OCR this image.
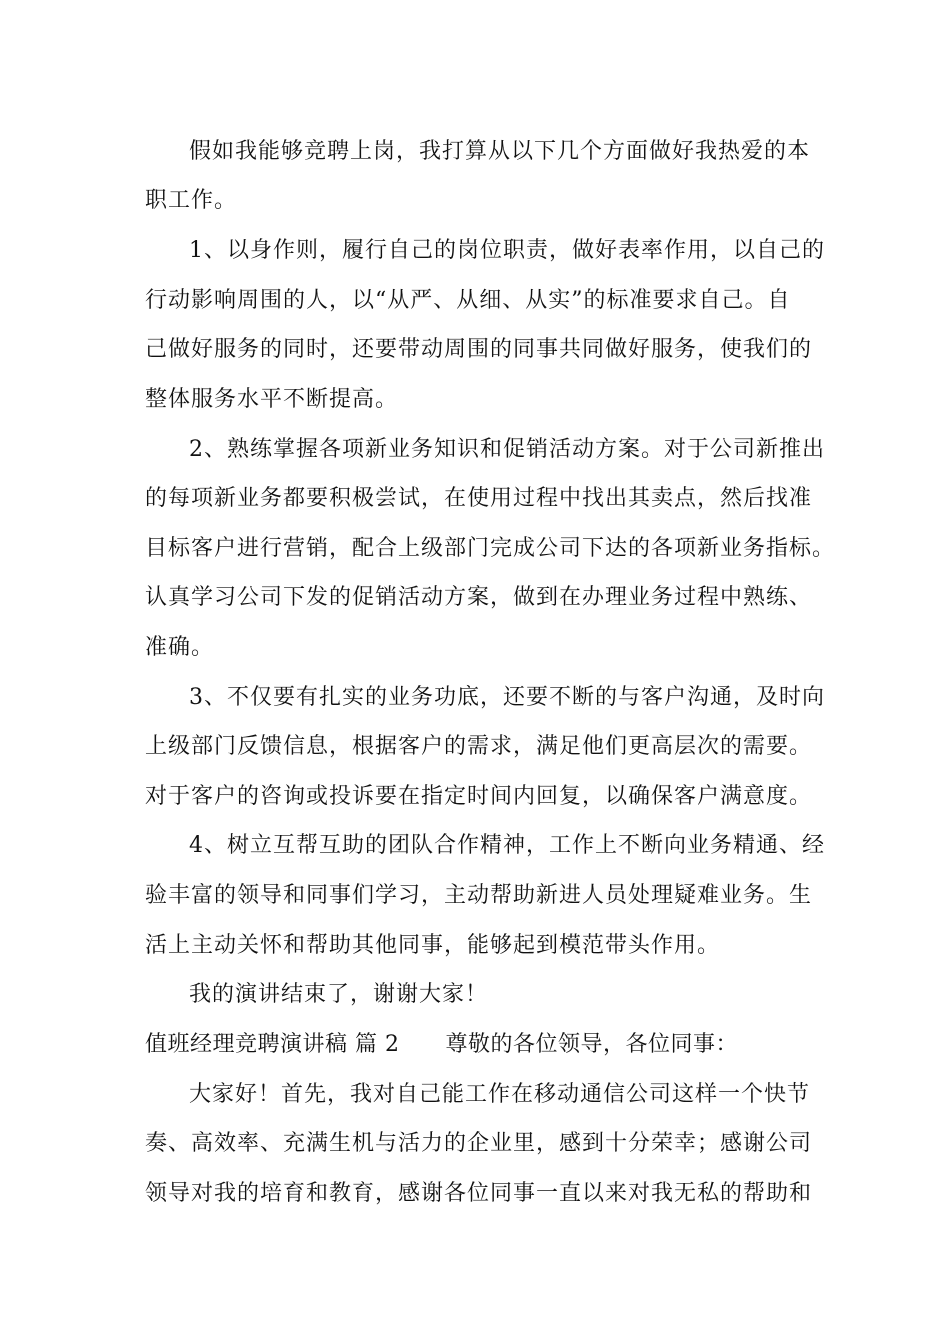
假如我能够竞聘上岗，我打算从以下几个方面做好我热爱的本
职工作。
1、以身作则，履行自己的岗位职责，做好表率作用，以自己的
行动影响周围的人，以“从严、从细、从实”的标准要求自己。自
己做好服务的同时，还要带动周围的同事共同做好服务，使我们的
整体服务水平不断提高。
2、熟练掌握各项新业务知识和促销活动方案。对于公司新推出
的每项新业务都要积极尝试，在使用过程中找出其卖点，然后找准
目标客户进行营销，配合上级部门完成公司下达的各项新业务指标。
认真学习公司下发的促销活动方案，做到在办理业务过程中熟练、
准确。
3、不仅要有扎实的业务功底，还要不断的与客户沟通，及时向
上级部门反馈信息，根据客户的需求，满足他们更高层次的需要。
对于客户的咨询或投诉要在指定时间内回复，以确保客户满意度。
4、树立互帮互助的团队合作精神，工作上不断向业务精通、经
验丰富的领导和同事们学习，主动帮助新进人员处理疑难业务。生
活上主动关怀和帮助其他同事，能够起到模范带头作用。
我的演讲结束了，谢谢大家！
值班经理竞聘演讲稿 篇 2 尊敬的各位领导，各位同事：
大家好！首先，我对自己能工作在移动通信公司这样一个快节
奏、高效率、充满生机与活力的企业里，感到十分荣幸；感谢公司
领导对我的培育和教育，感谢各位同事一直以来对我无私的帮助和
